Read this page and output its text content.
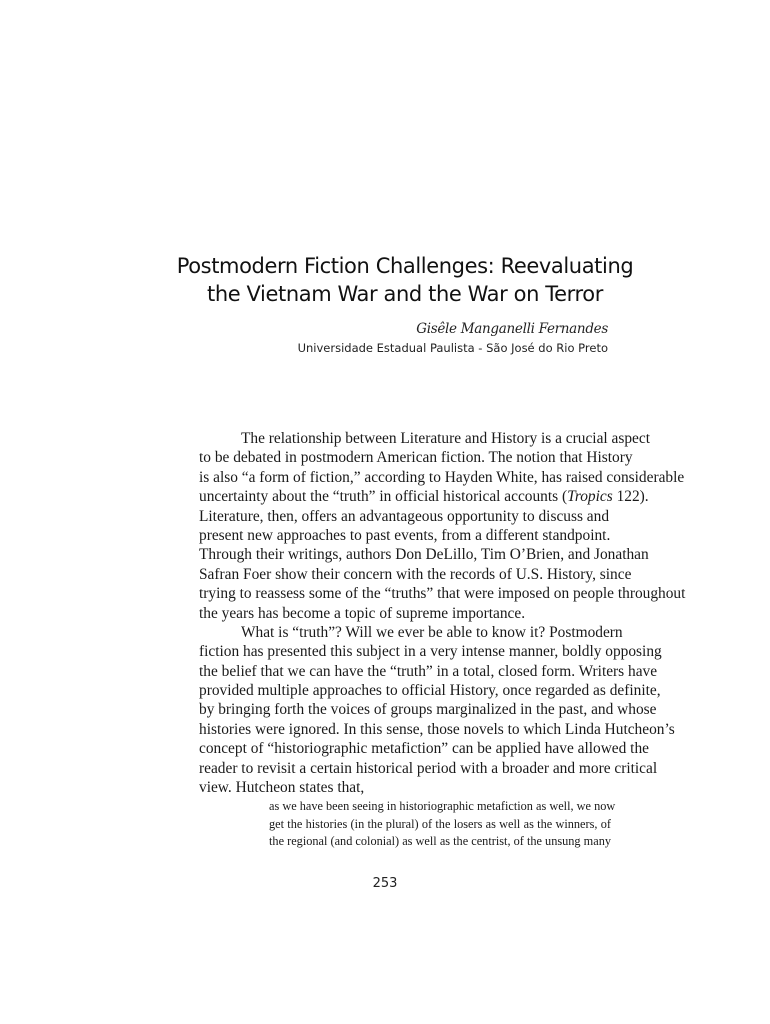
Postmodern Fiction Challenges: Reevaluating
the Vietnam War and the War on Terror
Gisêle Manganelli Fernandes
Universidade Estadual Paulista - São José do Rio Preto
The relationship between Literature and History is a crucial aspect
to be debated in postmodern American fiction. The notion that History
is also “a form of fiction,” according to Hayden White, has raised considerable
uncertainty about the “truth” in official historical accounts (Tropics 122).
Literature, then, offers an advantageous opportunity to discuss and
present new approaches to past events, from a different standpoint.
Through their writings, authors Don DeLillo, Tim O’Brien, and Jonathan
Safran Foer show their concern with the records of U.S. History, since
trying to reassess some of the “truths” that were imposed on people throughout
the years has become a topic of supreme importance.
What is “truth”? Will we ever be able to know it? Postmodern
fiction has presented this subject in a very intense manner, boldly opposing
the belief that we can have the “truth” in a total, closed form. Writers have
provided multiple approaches to official History, once regarded as definite,
by bringing forth the voices of groups marginalized in the past, and whose
histories were ignored. In this sense, those novels to which Linda Hutcheon’s
concept of “historiographic metafiction” can be applied have allowed the
reader to revisit a certain historical period with a broader and more critical
view. Hutcheon states that,
as we have been seeing in historiographic metafiction as well, we now
get the histories (in the plural) of the losers as well as the winners, of
the regional (and colonial) as well as the centrist, of the unsung many
253
